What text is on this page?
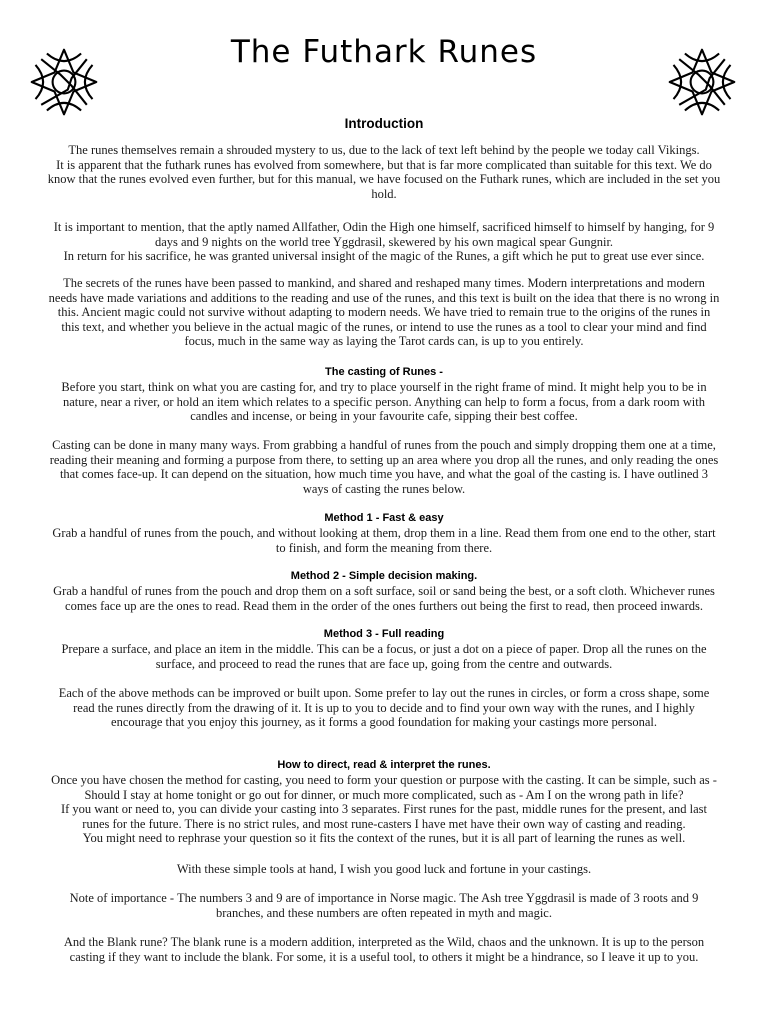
The Futhark Runes
Introduction
The runes themselves remain a shrouded mystery to us, due to the lack of text left behind by the people we today call Vikings.
It is apparent that the futhark runes has evolved from somewhere, but that is far more complicated than suitable for this text. We do
know that the runes evolved even further, but for this manual, we have focused on the Futhark runes, which are included in the set you
hold.
It is important to mention, that the aptly named Allfather, Odin the High one himself, sacrificed himself to himself by hanging, for 9
days and 9 nights on the world tree Yggdrasil, skewered by his own magical spear Gungnir.
In return for his sacrifice, he was granted universal insight of the magic of the Runes, a gift which he put to great use ever since.
The secrets of the runes have been passed to mankind, and shared and reshaped many times. Modern interpretations and modern
needs have made variations and additions to the reading and use of the runes, and this text is built on the idea that there is no wrong in
this. Ancient magic could not survive without adapting to modern needs. We have tried to remain true to the origins of the runes in
this text, and whether you believe in the actual magic of the runes, or intend to use the runes as a tool to clear your mind and find
focus, much in the same way as laying the Tarot cards can, is up to you entirely.
The casting of Runes -
Before you start, think on what you are casting for, and try to place yourself in the right frame of mind. It might help you to be in
nature, near a river, or hold an item which relates to a specific person. Anything can help to form a focus, from a dark room with
candles and incense, or being in your favourite cafe, sipping their best coffee.
Casting can be done in many many ways. From grabbing a handful of runes from the pouch and simply dropping them one at a time,
reading their meaning and forming a purpose from there, to setting up an area where you drop all the runes, and only reading the ones
that comes face-up. It can depend on the situation, how much time you have, and what the goal of the casting is. I have outlined 3
ways of casting the runes below.
Method 1 - Fast & easy
Grab a handful of runes from the pouch, and without looking at them, drop them in a line. Read them from one end to the other, start
to finish, and form the meaning from there.
Method 2 - Simple decision making.
Grab a handful of runes from the pouch and drop them on a soft surface, soil or sand being the best, or a soft cloth. Whichever runes
comes face up are the ones to read. Read them in the order of the ones furthers out being the first to read, then proceed inwards.
Method 3 - Full reading
Prepare a surface, and place an item in the middle. This can be a focus, or just a dot on a piece of paper. Drop all the runes on the
surface, and proceed to read the runes that are face up, going from the centre and outwards.
Each of the above methods can be improved or built upon. Some prefer to lay out the runes in circles, or form a cross shape, some
read the runes directly from the drawing of it. It is up to you to decide and to find your own way with the runes, and I highly
encourage that you enjoy this journey, as it forms a good foundation for making your castings more personal.
How to direct, read & interpret the runes.
Once you have chosen the method for casting, you need to form your question or purpose with the casting. It can be simple, such as -
Should I stay at home tonight or go out for dinner, or much more complicated, such as - Am I on the wrong path in life?
If you want or need to, you can divide your casting into 3 separates. First runes for the past, middle runes for the present, and last
runes for the future. There is no strict rules, and most rune-casters I have met have their own way of casting and reading.
You might need to rephrase your question so it fits the context of the runes, but it is all part of learning the runes as well.
With these simple tools at hand, I wish you good luck and fortune in your castings.
Note of importance - The numbers 3 and 9 are of importance in Norse magic. The Ash tree Yggdrasil is made of 3 roots and 9
branches, and these numbers are often repeated in myth and magic.
And the Blank rune? The blank rune is a modern addition, interpreted as the Wild, chaos and the unknown. It is up to the person
casting if they want to include the blank. For some, it is a useful tool, to others it might be a hindrance, so I leave it up to you.
